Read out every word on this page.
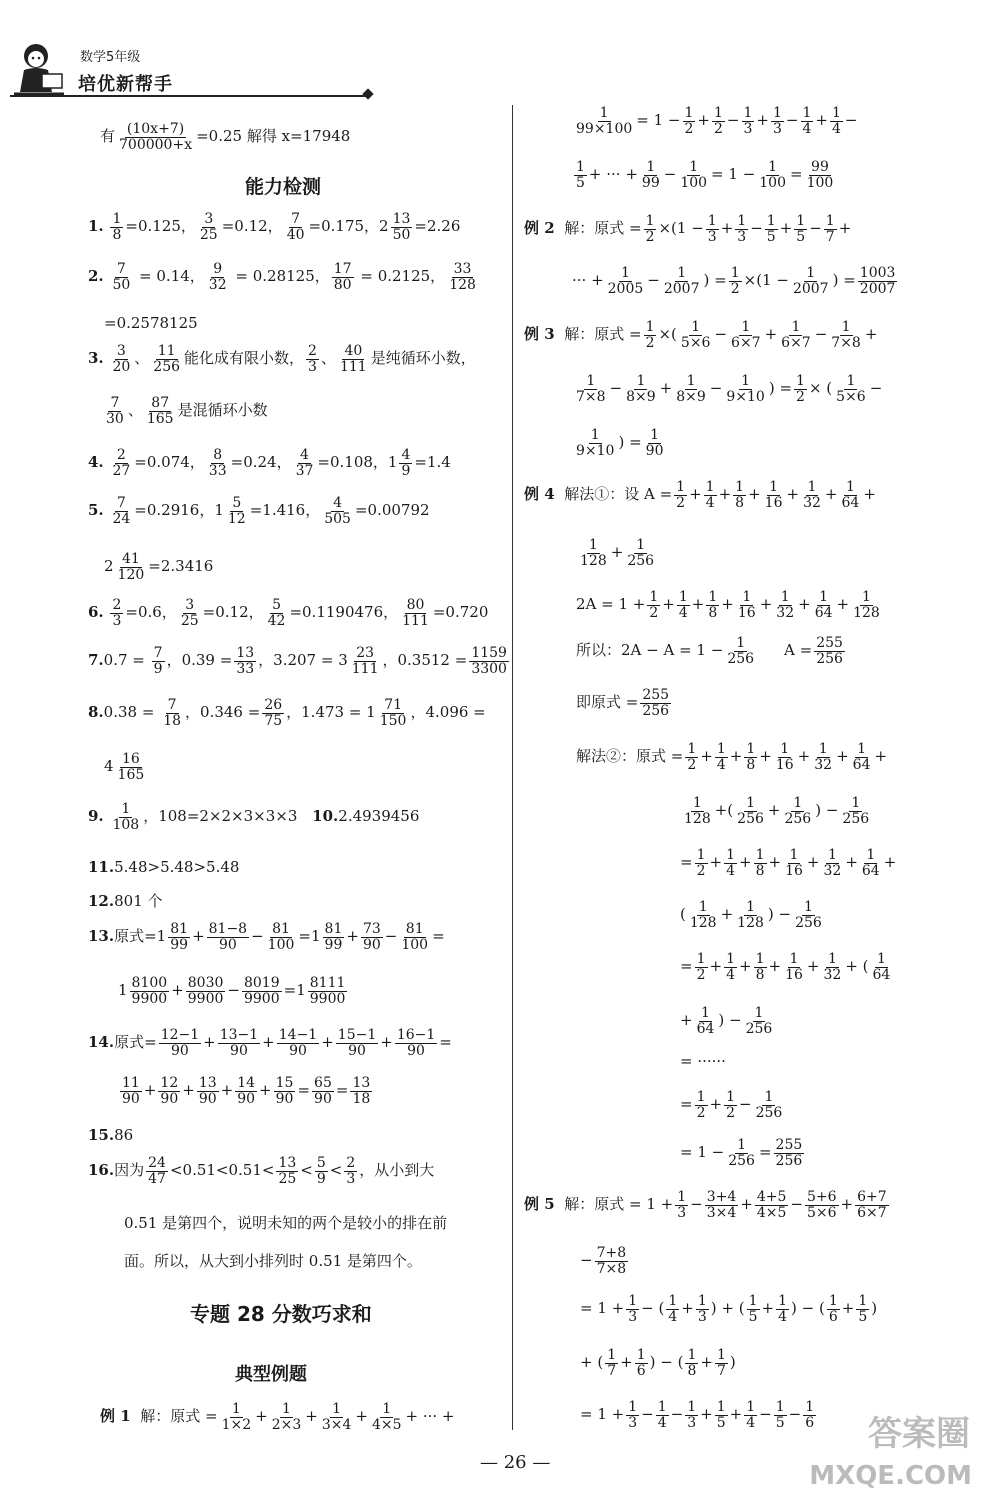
数学5年级
培优新帮手
有 $\frac{(10x+7)}{700000+x} =0.25$ 解得 x=17948
能力检测
1. $\frac{1}{8} =0.125$， $\frac{3}{25} =0.12$， $\frac{7}{40} =0.175$，$2 \frac{13}{50} =2.26$
2. $\frac{7}{50} = 0.14$， $\frac{9}{32} = 0.28125$， $\frac{17}{80} = 0.2125$， $\frac{33}{128}$
=0.2578125
3. $\frac{3}{20}$ 、 $\frac{11}{256}$ 能化成有限小数， $\frac{2}{3}$ 、 $\frac{40}{111}$ 是纯循环小数，
$\frac{7}{30}$ 、 $\frac{87}{165}$ 是混循环小数
4. $\frac{2}{27} =0.074$， $\frac{8}{33} =0.24$， $\frac{4}{37} =0.108$，$1 \frac{4}{9} =1.4$
5. $\frac{7}{24} =0.2916$，$1 \frac{5}{12} =1.416$， $\frac{4}{505} =0.00792$
$2 \frac{41}{120} =2.3416$
6. $\frac{2}{3} =0.6$， $\frac{3}{25} =0.12$， $\frac{5}{42} =0.1190476$， $\frac{80}{111} =0.720$
$7.0.7 = \frac{7}{9}$ ，$0.39 = \frac{13}{33}$ ，$3.207 = 3 \frac{23}{111}$ ，$0.3512 = \frac{1159}{3300}$
$8.0.38 = \frac{7}{18}$ ，$0.346 = \frac{26}{75}$ ，$1.473 = 1 \frac{71}{150}$ ，4.096 =
$4 \frac{16}{165}$
9. $\frac{1}{108}$ ，108=2×2×3×3×3 10.2.4939456
11.5.48>5.48>5.48
12.801 个
13.原式$=1 \frac{81}{99} + \frac{81-8}{90} - \frac{81}{100} =1 \frac{81}{99} + \frac{73}{90} - \frac{81}{100}$ =
$1 \frac{8100}{9900} + \frac{8030}{9900} - \frac{8019}{9900} =1 \frac{8111}{9900}$
14.原式= $\frac{12-1}{90} + \frac{13-1}{90} + \frac{14-1}{90} + \frac{15-1}{90} + \frac{16-1}{90}$ =
$\frac{11}{90} + \frac{12}{90} + \frac{13}{90} + \frac{14}{90} + \frac{15}{90} = \frac{65}{90} = \frac{13}{18}$
15.86
16.因为 $\frac{24}{47} <0.51<0.51< \frac{13}{25} < \frac{5}{9} < \frac{2}{3}$ ，从小到大
0.51 是第四个，说明未知的两个是较小的排在前
面。所以，从大到小排列时 0.51 是第四个。
专题 28 分数巧求和
典型例题
例 1 解：原式 = $\frac{1}{1\times 2} + \frac{1}{2\times 3} + \frac{1}{3\times 4} + \frac{1}{4\times 5}$ + ··· +
$\frac{1}{99\times 100} = 1 - \frac{1}{2} + \frac{1}{2} - \frac{1}{3} + \frac{1}{3} - \frac{1}{4} + \frac{1}{4}$ −
$\frac{1}{5}$ + ··· + $\frac{1}{99} - \frac{1}{100} = 1 - \frac{1}{100} = \frac{99}{100}$
例 2 解：原式 = $\frac{1}{2} \times(1 - \frac{1}{3} + \frac{1}{3} - \frac{1}{5} + \frac{1}{5} - \frac{1}{7}$ +
··· + $\frac{1}{2005} - \frac{1}{2007}$ ) = $\frac{1}{2} \times(1 - \frac{1}{2007}$ ) = $\frac{1003}{2007}$
例 3 解：原式 = $\frac{1}{2}$ ×( $\frac{1}{5\times 6} - \frac{1}{6\times 7} + \frac{1}{6\times 7} - \frac{1}{7\times 8}$ +
$\frac{1}{7\times 8} - \frac{1}{8\times 9} + \frac{1}{8\times 9} - \frac{1}{9\times 10}$ ) = $\frac{1}{2}$ × ( $\frac{1}{5\times 6}$ −
$\frac{1}{9\times 10}$ ) = $\frac{1}{90}$
例 4 解法①：设 $A = \frac{1}{2} + \frac{1}{4} + \frac{1}{8} + \frac{1}{16} + \frac{1}{32} + \frac{1}{64}$ +
$\frac{1}{128} + \frac{1}{256}$
$2A = 1 + \frac{1}{2} + \frac{1}{4} + \frac{1}{8} + \frac{1}{16} + \frac{1}{32} + \frac{1}{64} + \frac{1}{128}$
所以：$2A - A = 1 - \frac{1}{256}$ $A = \frac{255}{256}$
即原式 = $\frac{255}{256}$
解法②：原式 = $\frac{1}{2} + \frac{1}{4} + \frac{1}{8} + \frac{1}{16} + \frac{1}{32} + \frac{1}{64}$ +
$\frac{1}{128}$ +( $\frac{1}{256} + \frac{1}{256}$ ) − $\frac{1}{256}$
= $\frac{1}{2} + \frac{1}{4} + \frac{1}{8} + \frac{1}{16} + \frac{1}{32} + \frac{1}{64}$ +
( $\frac{1}{128} + \frac{1}{128}$ ) − $\frac{1}{256}$
= $\frac{1}{2} + \frac{1}{4} + \frac{1}{8} + \frac{1}{16} + \frac{1}{32}$ + ( $\frac{1}{64}$
+ $\frac{1}{64}$ ) − $\frac{1}{256}$
= ······
= $\frac{1}{2} + \frac{1}{2} - \frac{1}{256}$
= $1 - \frac{1}{256} = \frac{255}{256}$
例 5 解：原式 = $1 + \frac{1}{3} - \frac{3+4}{3\times 4} + \frac{4+5}{4\times 5} - \frac{5+6}{5\times 6} + \frac{6+7}{6\times 7}$
− $\frac{7+8}{7\times 8}$
= $1 + \frac{1}{3}$ − ( $\frac{1}{4} + \frac{1}{3}$ ) + ( $\frac{1}{5} + \frac{1}{4}$ ) − ( $\frac{1}{6} + \frac{1}{5}$ )
+ ( $\frac{1}{7} + \frac{1}{6}$ ) − ( $\frac{1}{8} + \frac{1}{7}$ )
= $1 + \frac{1}{3} - \frac{1}{4} - \frac{1}{3} + \frac{1}{5} + \frac{1}{4} - \frac{1}{5} - \frac{1}{6}$
— 26 —
答案圈
MXQE.COM
